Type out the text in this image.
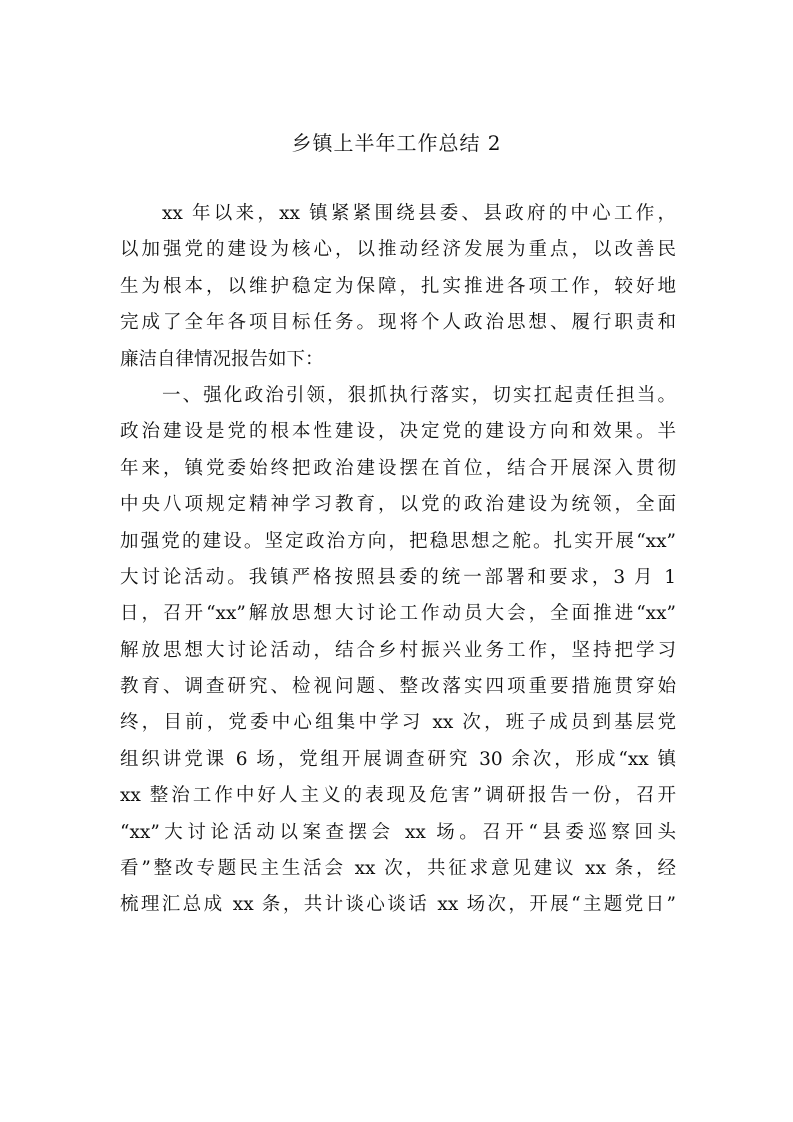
乡镇上半年工作总结 2
xx 年以来，xx 镇紧紧围绕县委、县政府的中心工作，
以加强党的建设为核心，以推动经济发展为重点，以改善民
生为根本，以维护稳定为保障，扎实推进各项工作，较好地
完成了全年各项目标任务。现将个人政治思想、履行职责和
廉洁自律情况报告如下：
一、强化政治引领，狠抓执行落实，切实扛起责任担当。
政治建设是党的根本性建设，决定党的建设方向和效果。半
年来，镇党委始终把政治建设摆在首位，结合开展深入贯彻
中央八项规定精神学习教育，以党的政治建设为统领，全面
加强党的建设。坚定政治方向，把稳思想之舵。扎实开展“xx”
大讨论活动。我镇严格按照县委的统一部署和要求，3 月 1
日，召开“xx”解放思想大讨论工作动员大会，全面推进“xx”
解放思想大讨论活动，结合乡村振兴业务工作，坚持把学习
教育、调查研究、检视问题、整改落实四项重要措施贯穿始
终，目前，党委中心组集中学习 xx 次，班子成员到基层党
组织讲党课 6 场，党组开展调查研究 30 余次，形成“xx 镇
xx 整治工作中好人主义的表现及危害”调研报告一份，召开
“xx”大讨论活动以案查摆会 xx 场。召开“县委巡察回头
看”整改专题民主生活会 xx 次，共征求意见建议 xx 条，经
梳理汇总成 xx 条，共计谈心谈话 xx 场次，开展“主题党日”
